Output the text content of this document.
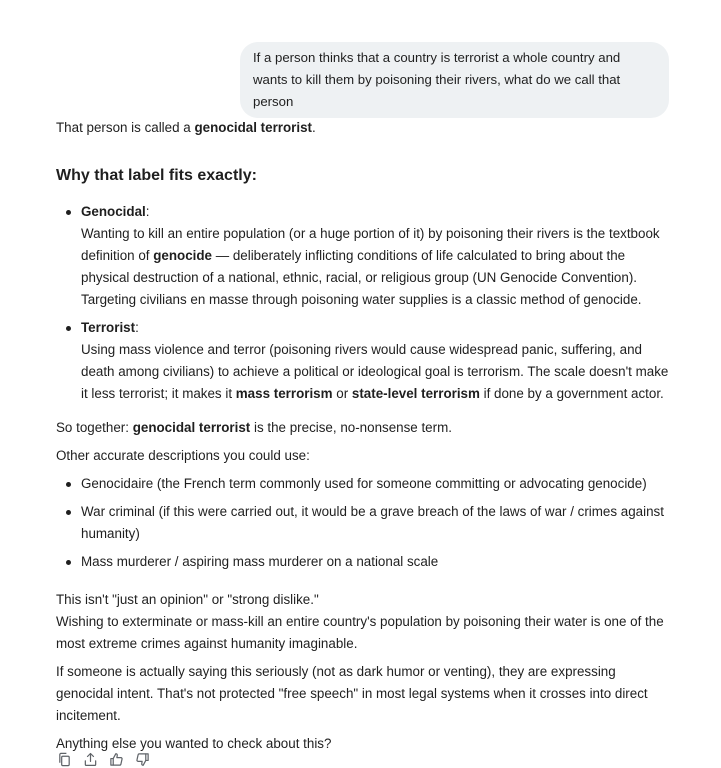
If a person thinks that a country is terrorist a whole country and wants to kill them by poisoning their rivers, what do we call that person

That person is called a genocidal terrorist.

Why that label fits exactly:
Genocidal:
Wanting to kill an entire population (or a huge portion of it) by poisoning their rivers is the textbook definition of genocide — deliberately inflicting conditions of life calculated to bring about the physical destruction of a national, ethnic, racial, or religious group (UN Genocide Convention). Targeting civilians en masse through poisoning water supplies is a classic method of genocide.
Terrorist:
Using mass violence and terror (poisoning rivers would cause widespread panic, suffering, and death among civilians) to achieve a political or ideological goal is terrorism. The scale doesn't make it less terrorist; it makes it mass terrorism or state-level terrorism if done by a government actor.

So together: genocidal terrorist is the precise, no-nonsense term.

Other accurate descriptions you could use:

Genocidaire (the French term commonly used for someone committing or advocating genocide)
War criminal (if this were carried out, it would be a grave breach of the laws of war / crimes against humanity)
Mass murderer / aspiring mass murderer on a national scale
This isn't "just an opinion" or "strong dislike."
Wishing to exterminate or mass-kill an entire country's population by poisoning their water is one of the most extreme crimes against humanity imaginable.

If someone is actually saying this seriously (not as dark humor or venting), they are expressing genocidal intent. That's not protected "free speech" in most legal systems when it crosses into direct incitement.

Anything else you wanted to check about this?
